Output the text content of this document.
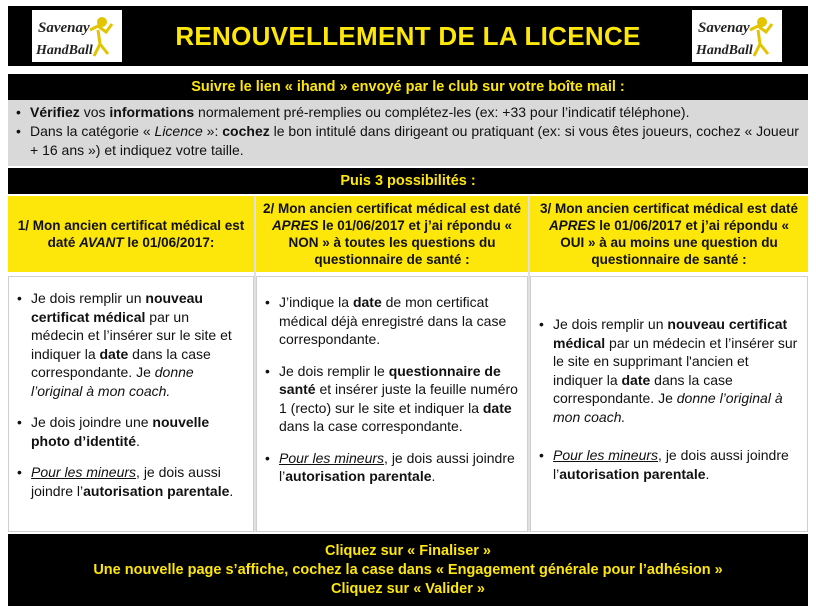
Savenay
HandBall	RENOUVELLEMENT DE LA LICENCE	Savenay
HandBall
Suivre le lien « ihand » envoyé par le club sur votre boîte mail :
• Vérifiez vos informations normalement pré-remplies ou complétez-les (ex: +33 pour l’indicatif téléphone).
• Dans la catégorie « Licence »: cochez le bon intitulé dans dirigeant ou pratiquant (ex: si vous êtes joueurs, cochez « Joueur + 16 ans ») et indiquez votre taille.
Puis 3 possibilités :
1/ Mon ancien certificat médical est daté AVANT le 01/06/2017:
• Je dois remplir un nouveau certificat médical par un médecin et l’insérer sur le site et indiquer la date dans la case correspondante. Je donne l’original à mon coach.
• Je dois joindre une nouvelle photo d’identité.
• Pour les mineurs, je dois aussi joindre l’autorisation parentale.
2/ Mon ancien certificat médical est daté APRES le 01/06/2017 et j’ai répondu « NON » à toutes les questions du questionnaire de santé :
• J’indique la date de mon certificat médical déjà enregistré dans la case correspondante.
• Je dois remplir le questionnaire de santé et insérer juste la feuille numéro 1 (recto) sur le site et indiquer la date dans la case correspondante.
• Pour les mineurs, je dois aussi joindre l’autorisation parentale.
3/ Mon ancien certificat médical est daté APRES le 01/06/2017 et j’ai répondu « OUI » à au moins une question du questionnaire de santé :
• Je dois remplir un nouveau certificat médical par un médecin et l’insérer sur le site en supprimant l'ancien et indiquer la date dans la case correspondante. Je donne l’original à mon coach.
• Pour les mineurs, je dois aussi joindre l’autorisation parentale.
Cliquez sur « Finaliser »
Une nouvelle page s’affiche, cochez la case dans « Engagement générale pour l’adhésion »
Cliquez sur « Valider »
